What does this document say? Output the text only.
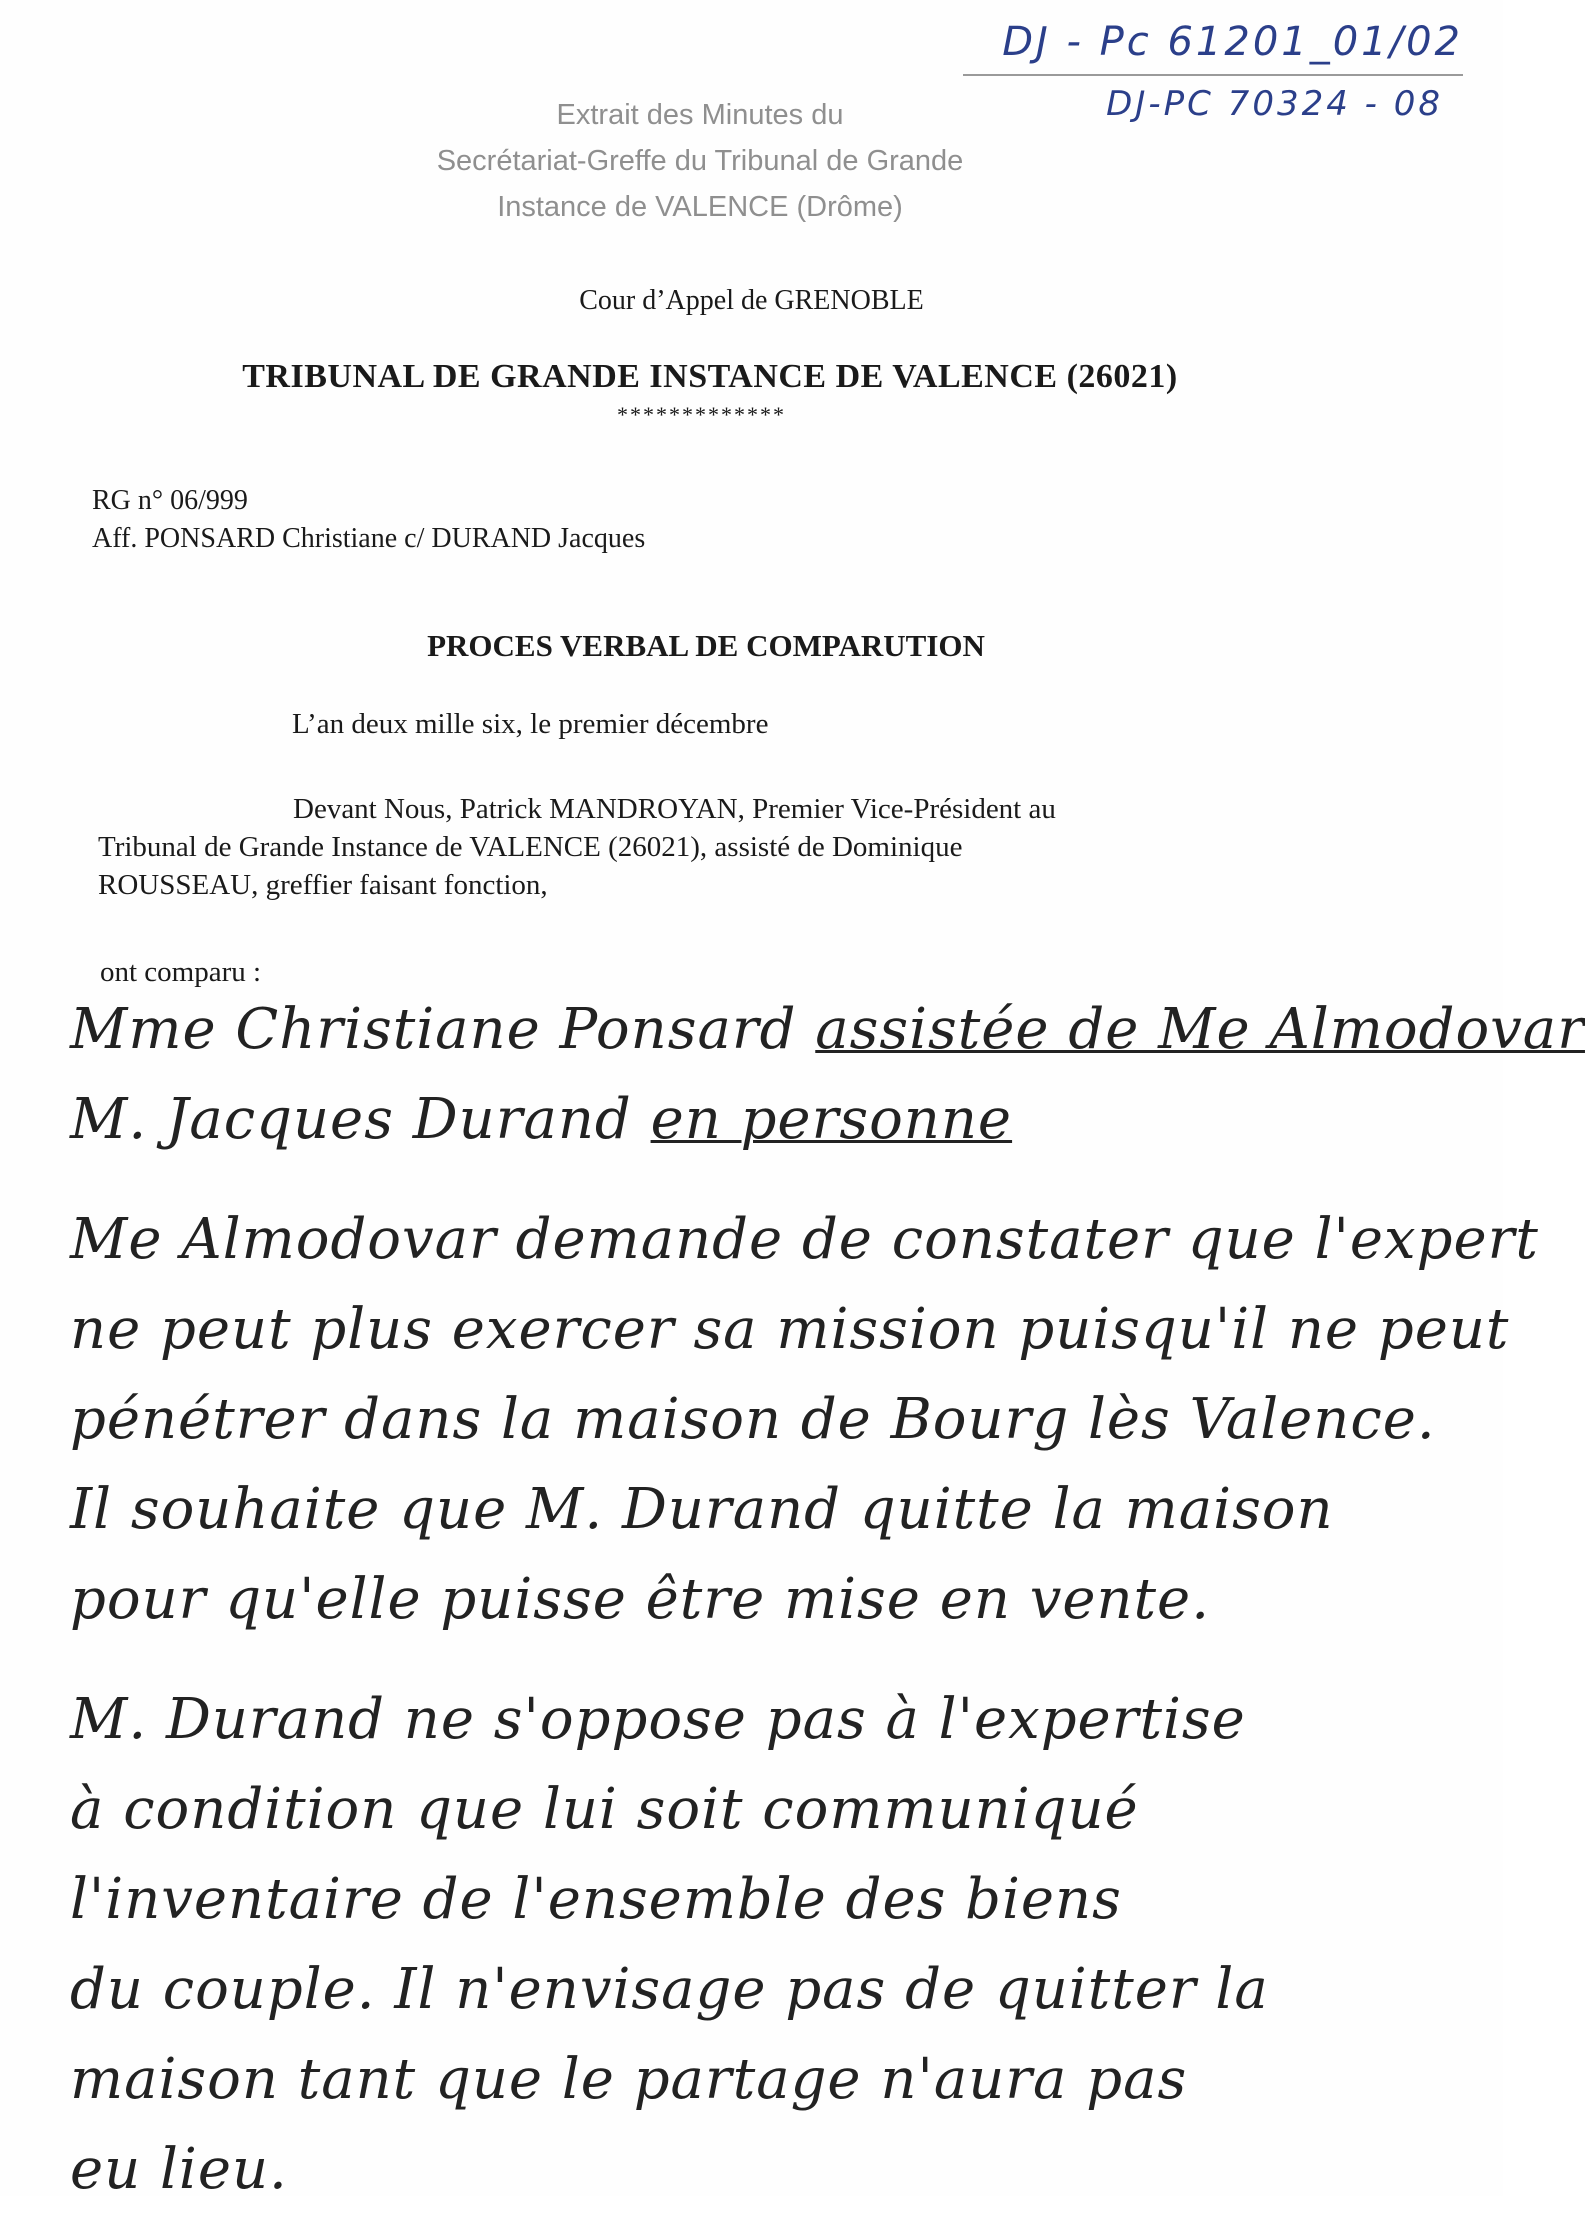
DJ - Pc 61201_01/02
DJ-PC 70324 - 08
Extrait des Minutes du
Secrétariat-Greffe du Tribunal de Grande
Instance de VALENCE (Drôme)
Cour d’Appel de GRENOBLE
TRIBUNAL DE GRANDE INSTANCE DE VALENCE (26021)
*************
RG n° 06/999
Aff. PONSARD Christiane c/ DURAND Jacques
PROCES VERBAL DE COMPARUTION
L’an deux mille six, le premier décembre
Devant Nous, Patrick MANDROYAN, Premier Vice-Président au
Tribunal de Grande Instance de VALENCE (26021), assisté de Dominique
ROUSSEAU, greffier faisant fonction,
ont comparu :
Mme Christiane Ponsard assistée de Me Almodovar
M. Jacques Durand en personne
Me Almodovar demande de constater que l'expert
ne peut plus exercer sa mission puisqu'il ne peut
pénétrer dans la maison de Bourg lès Valence.
Il souhaite que M. Durand quitte la maison
pour qu'elle puisse être mise en vente.
M. Durand ne s'oppose pas à l'expertise
à condition que lui soit communiqué
l'inventaire de l'ensemble des biens
du couple. Il n'envisage pas de quitter la
maison tant que le partage n'aura pas
eu lieu.
